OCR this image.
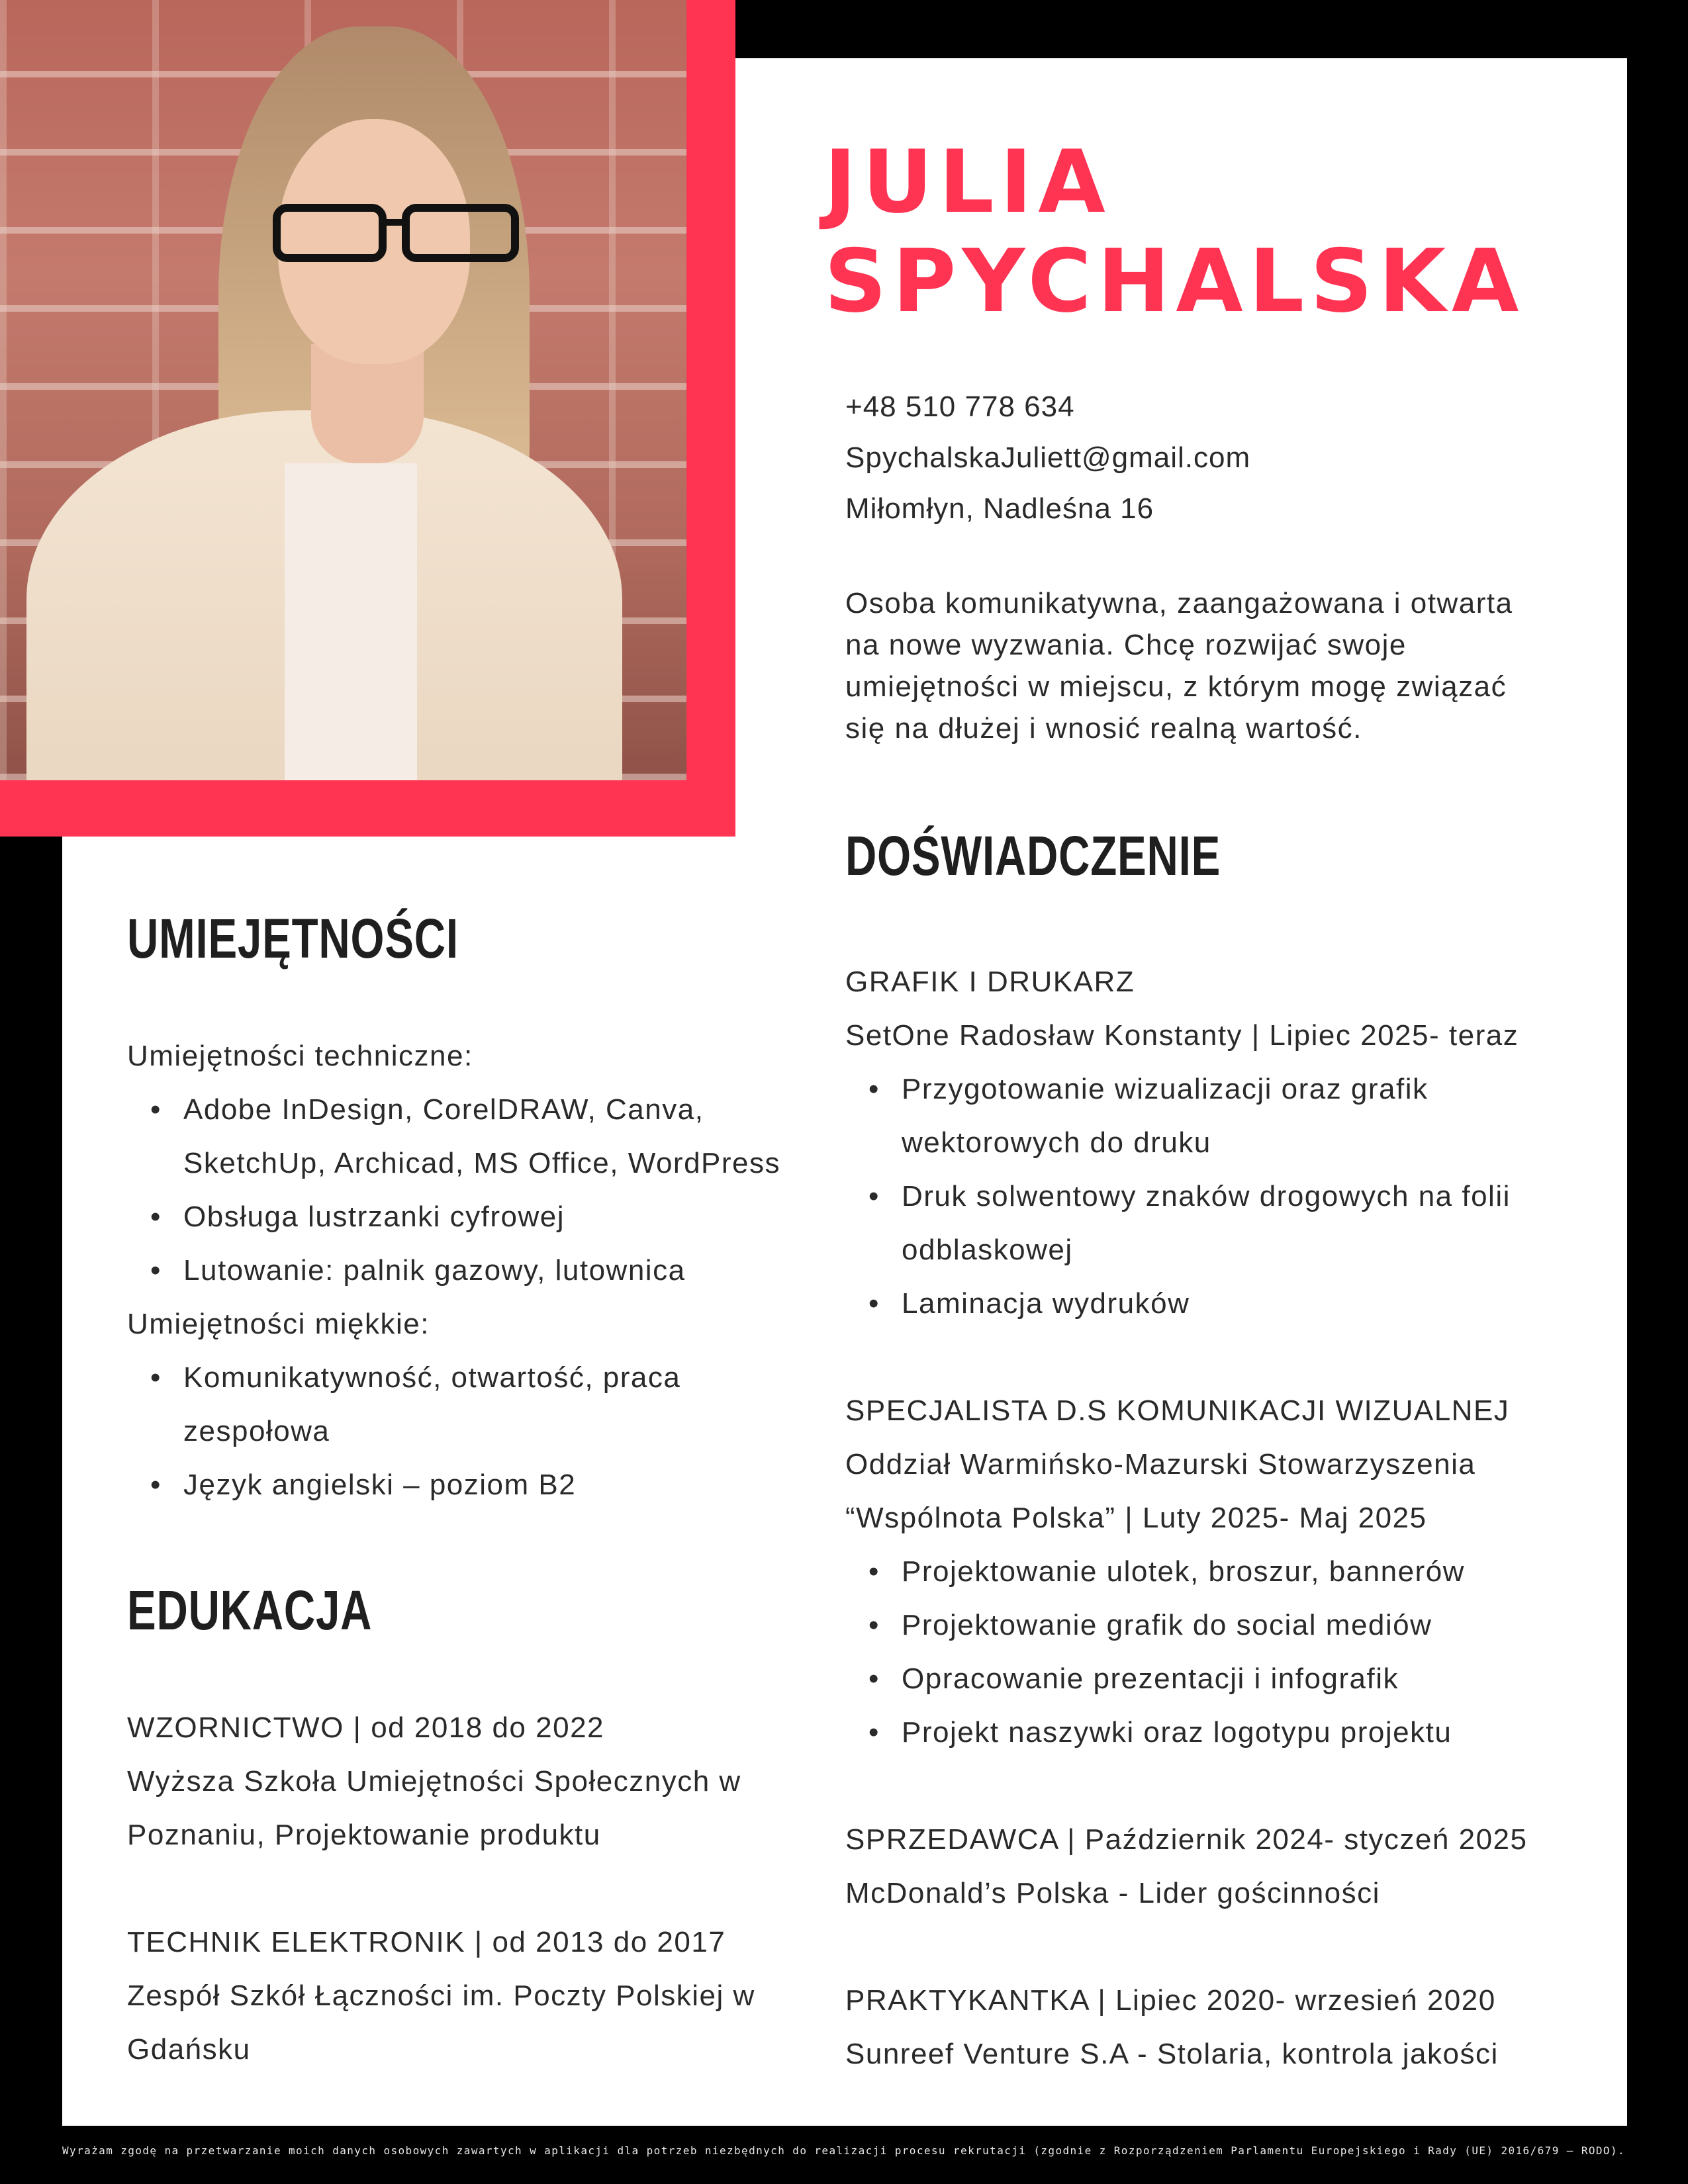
JULIA
SPYCHALSKA
+48 510 778 634
SpychalskaJuliett@gmail.com
Miłomłyn, Nadleśna 16
Osoba komunikatywna, zaangażowana i otwarta na nowe wyzwania. Chcę rozwijać swoje umiejętności w miejscu, z którym mogę związać się na dłużej i wnosić realną wartość.
DOŚWIADCZENIE
UMIEJĘTNOŚCI
EDUKACJA
Umiejętności techniczne:
• Adobe InDesign, CorelDRAW, Canva, SketchUp, Archicad, MS Office, WordPress
• Obsługa lustrzanki cyfrowej
• Lutowanie: palnik gazowy, lutownica
Umiejętności miękkie:
• Komunikatywność, otwartość, praca zespołowa
• Język angielski – poziom B2
WZORNICTWO | od 2018 do 2022
Wyższa Szkoła Umiejętności Społecznych w Poznaniu, Projektowanie produktu
TECHNIK ELEKTRONIK | od 2013 do 2017
Zespół Szkół Łączności im. Poczty Polskiej w Gdańsku
GRAFIK I DRUKARZ
SetOne Radosław Konstanty | Lipiec 2025- teraz
• Przygotowanie wizualizacji oraz grafik wektorowych do druku
• Druk solwentowy znaków drogowych na folii odblaskowej
• Laminacja wydruków
SPECJALISTA D.S KOMUNIKACJI WIZUALNEJ
Oddział Warmińsko-Mazurski Stowarzyszenia “Wspólnota Polska” | Luty 2025- Maj 2025
• Projektowanie ulotek, broszur, bannerów
• Projektowanie grafik do social mediów
• Opracowanie prezentacji i infografik
• Projekt naszywki oraz logotypu projektu
SPRZEDAWCA | Październik 2024- styczeń 2025
McDonald’s Polska - Lider gościnności
PRAKTYKANTKA | Lipiec 2020- wrzesień 2020
Sunreef Venture S.A - Stolaria, kontrola jakości
Wyrażam zgodę na przetwarzanie moich danych osobowych zawartych w aplikacji dla potrzeb niezbędnych do realizacji procesu rekrutacji (zgodnie z Rozporządzeniem Parlamentu Europejskiego i Rady (UE) 2016/679 – RODO).
